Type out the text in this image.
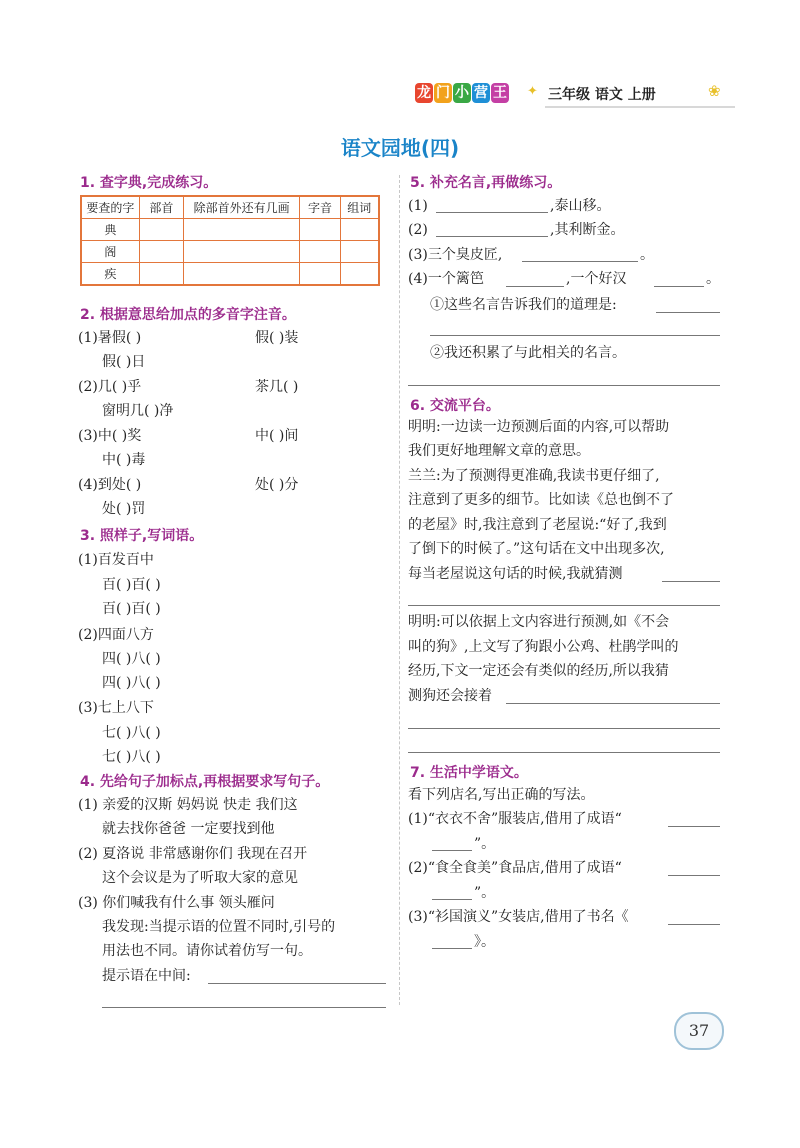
龙 门 小 营 王 ✦ 三年级 语文 上册	❀
语文园地(四)
1. 查字典,完成练习。
要查的字	部首	除部首外还有几画	字音	组词
典				
阁				
疾				
2. 根据意思给加点的多音字注音。
(1)暑假( )	假( )装
假( )日
(2)几( )乎	茶几( )
窗明几( )净
(3)中( )奖	中( )间
中( )毒
(4)到处( )	处( )分
处( )罚
3. 照样子,写词语。
(1)百发百中
百( )百( )
百( )百( )
(2)四面八方
四( )八( )
四( )八( )
(3)七上八下
七( )八( )
七( )八( )
4. 先给句子加标点,再根据要求写句子。
(1) 亲爱的汉斯 妈妈说 快走 我们这
就去找你爸爸 一定要找到他
(2) 夏洛说 非常感谢你们 我现在召开
这个会议是为了听取大家的意见
(3) 你们喊我有什么事 领头雁问
我发现:当提示语的位置不同时,引号的
用法也不同。请你试着仿写一句。
提示语在中间:
5. 补充名言,再做练习。
(1)	,泰山移。
(2)	,其利断金。
(3)三个臭皮匠,	。
(4)一个篱笆	,一个好汉	。
①这些名言告诉我们的道理是:
②我还积累了与此相关的名言。
6. 交流平台。
明明:一边读一边预测后面的内容,可以帮助
我们更好地理解文章的意思。
兰兰:为了预测得更准确,我读书更仔细了,
注意到了更多的细节。比如读《总也倒不了
的老屋》时,我注意到了老屋说:“好了,我到
了倒下的时候了。”这句话在文中出现多次,
每当老屋说这句话的时候,我就猜测
明明:可以依据上文内容进行预测,如《不会
叫的狗》,上文写了狗跟小公鸡、杜鹃学叫的
经历,下文一定还会有类似的经历,所以我猜
测狗还会接着
7. 生活中学语文。
看下列店名,写出正确的写法。
(1)“衣衣不舍”服装店,借用了成语“
”。
(2)“食全食美”食品店,借用了成语“
”。
(3)“衫国演义”女装店,借用了书名《
》。
37
